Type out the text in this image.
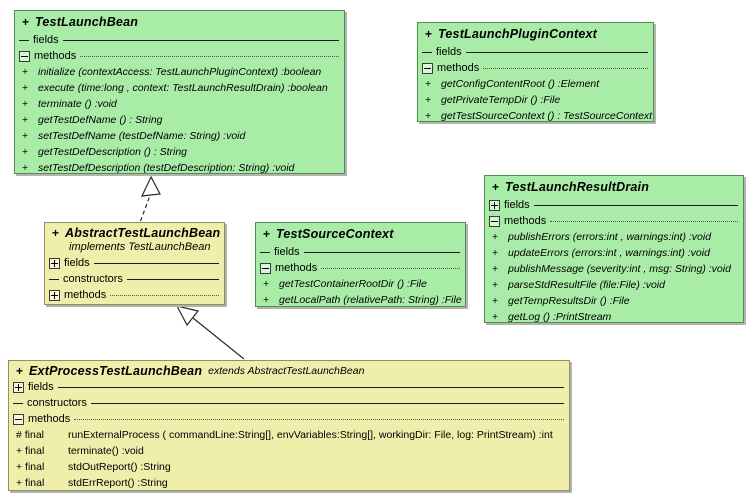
+ TestLaunchBean
fields
methods
+ initialize (contextAccess: TestLaunchPluginContext) :boolean
+ execute (time:long , context: TestLaunchResultDrain) :boolean
+ terminate () :void
+ getTestDefName () : String
+ setTestDefName (testDefName: String) :void
+ getTestDefDescription () : String
+ setTestDefDescription (testDefDescription: String) :void
+ TestLaunchPluginContext
fields
methods
+ getConfigContentRoot () :Element
+ getPrivateTempDir () :File
+ getTestSourceContext () : TestSourceContext
+ TestLaunchResultDrain
fields
methods
+ publishErrors (errors:int , warnings:int) :void
+ updateErrors (errors:int , warnings:int) :void
+ publishMessage (severity:int , msg: String) :void
+ parseStdResultFile (file:File) :void
+ getTempResultsDir () :File
+ getLog () :PrintStream
+ AbstractTestLaunchBean
implements TestLaunchBean
fields
constructors
methods
+ TestSourceContext
fields
methods
+ getTestContainerRootDir () :File
+ getLocalPath (relativePath: String) :File
+ ExtProcessTestLaunchBean extends AbstractTestLaunchBean
fields
constructors
methods
# final	runExternalProcess ( commandLine:String[], envVariables:String[], workingDir: File, log: PrintStream) :int
+ final	terminate() :void
+ final	stdOutReport() :String
+ final	stdErrReport() :String
